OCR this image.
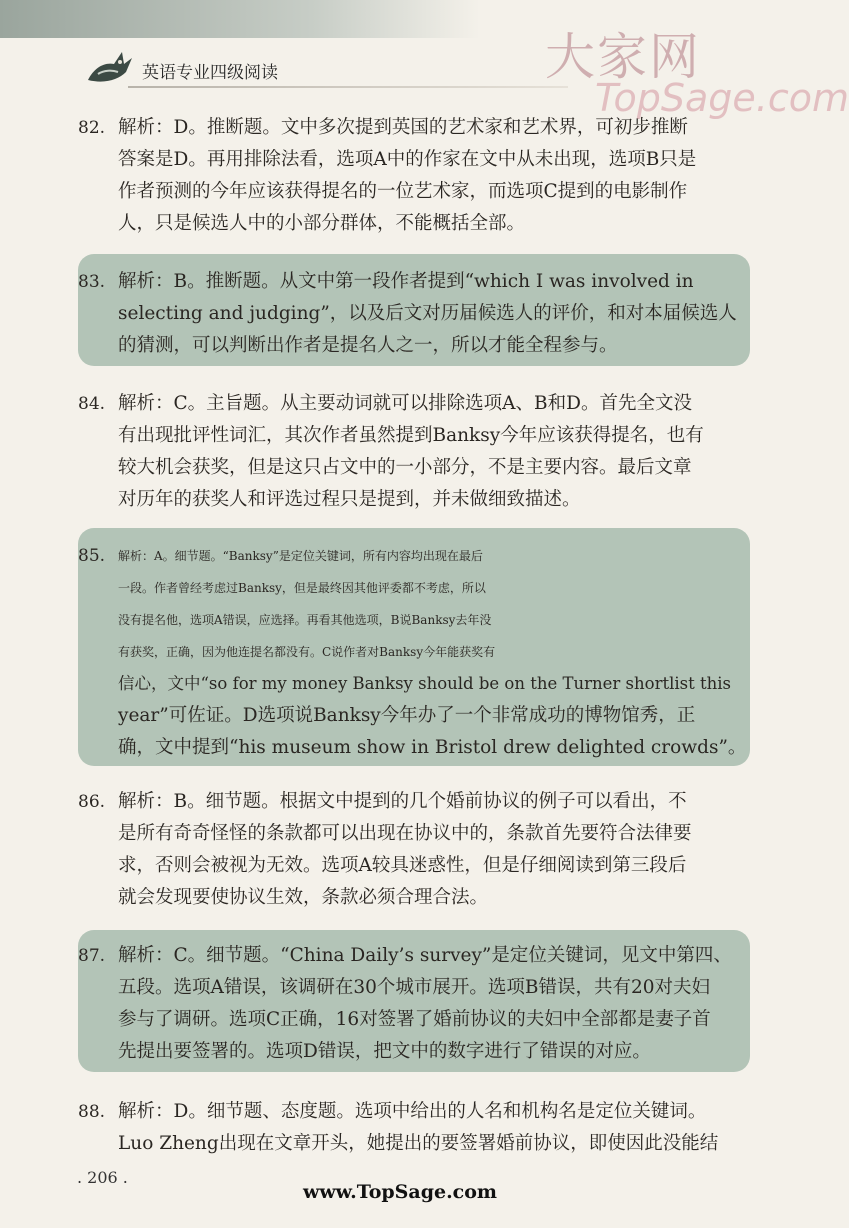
英语专业四级阅读	大家网
TopSage.com
82. 解析：D。推断题。文中多次提到英国的艺术家和艺术界，可初步推断
答案是D。再用排除法看，选项A中的作家在文中从未出现，选项B只是
作者预测的今年应该获得提名的一位艺术家，而选项C提到的电影制作
人，只是候选人中的小部分群体，不能概括全部。
83. 解析：B。推断题。从文中第一段作者提到“which I was involved in
selecting and judging”，以及后文对历届候选人的评价，和对本届候选人
的猜测，可以判断出作者是提名人之一，所以才能全程参与。
84. 解析：C。主旨题。从主要动词就可以排除选项A、B和D。首先全文没
有出现批评性词汇，其次作者虽然提到Banksy今年应该获得提名，也有
较大机会获奖，但是这只占文中的一小部分，不是主要内容。最后文章
对历年的获奖人和评选过程只是提到，并未做细致描述。
85. 解析：A。细节题。“Banksy”是定位关键词，所有内容均出现在最后
一段。作者曾经考虑过Banksy，但是最终因其他评委都不考虑，所以
没有提名他，选项A错误，应选择。再看其他选项，B说Banksy去年没
有获奖，正确，因为他连提名都没有。C说作者对Banksy今年能获奖有
信心，文中“so for my money Banksy should be on the Turner shortlist this
year”可佐证。D选项说Banksy今年办了一个非常成功的博物馆秀，正
确，文中提到“his museum show in Bristol drew delighted crowds”。
86. 解析：B。细节题。根据文中提到的几个婚前协议的例子可以看出，不
是所有奇奇怪怪的条款都可以出现在协议中的，条款首先要符合法律要
求，否则会被视为无效。选项A较具迷惑性，但是仔细阅读到第三段后
就会发现要使协议生效，条款必须合理合法。
87. 解析：C。细节题。“China Daily’s survey”是定位关键词，见文中第四、
五段。选项A错误，该调研在30个城市展开。选项B错误，共有20对夫妇
参与了调研。选项C正确，16对签署了婚前协议的夫妇中全部都是妻子首
先提出要签署的。选项D错误，把文中的数字进行了错误的对应。
88. 解析：D。细节题、态度题。选项中给出的人名和机构名是定位关键词。
Luo Zheng出现在文章开头，她提出的要签署婚前协议，即使因此没能结
. 206 .
www.TopSage.com
